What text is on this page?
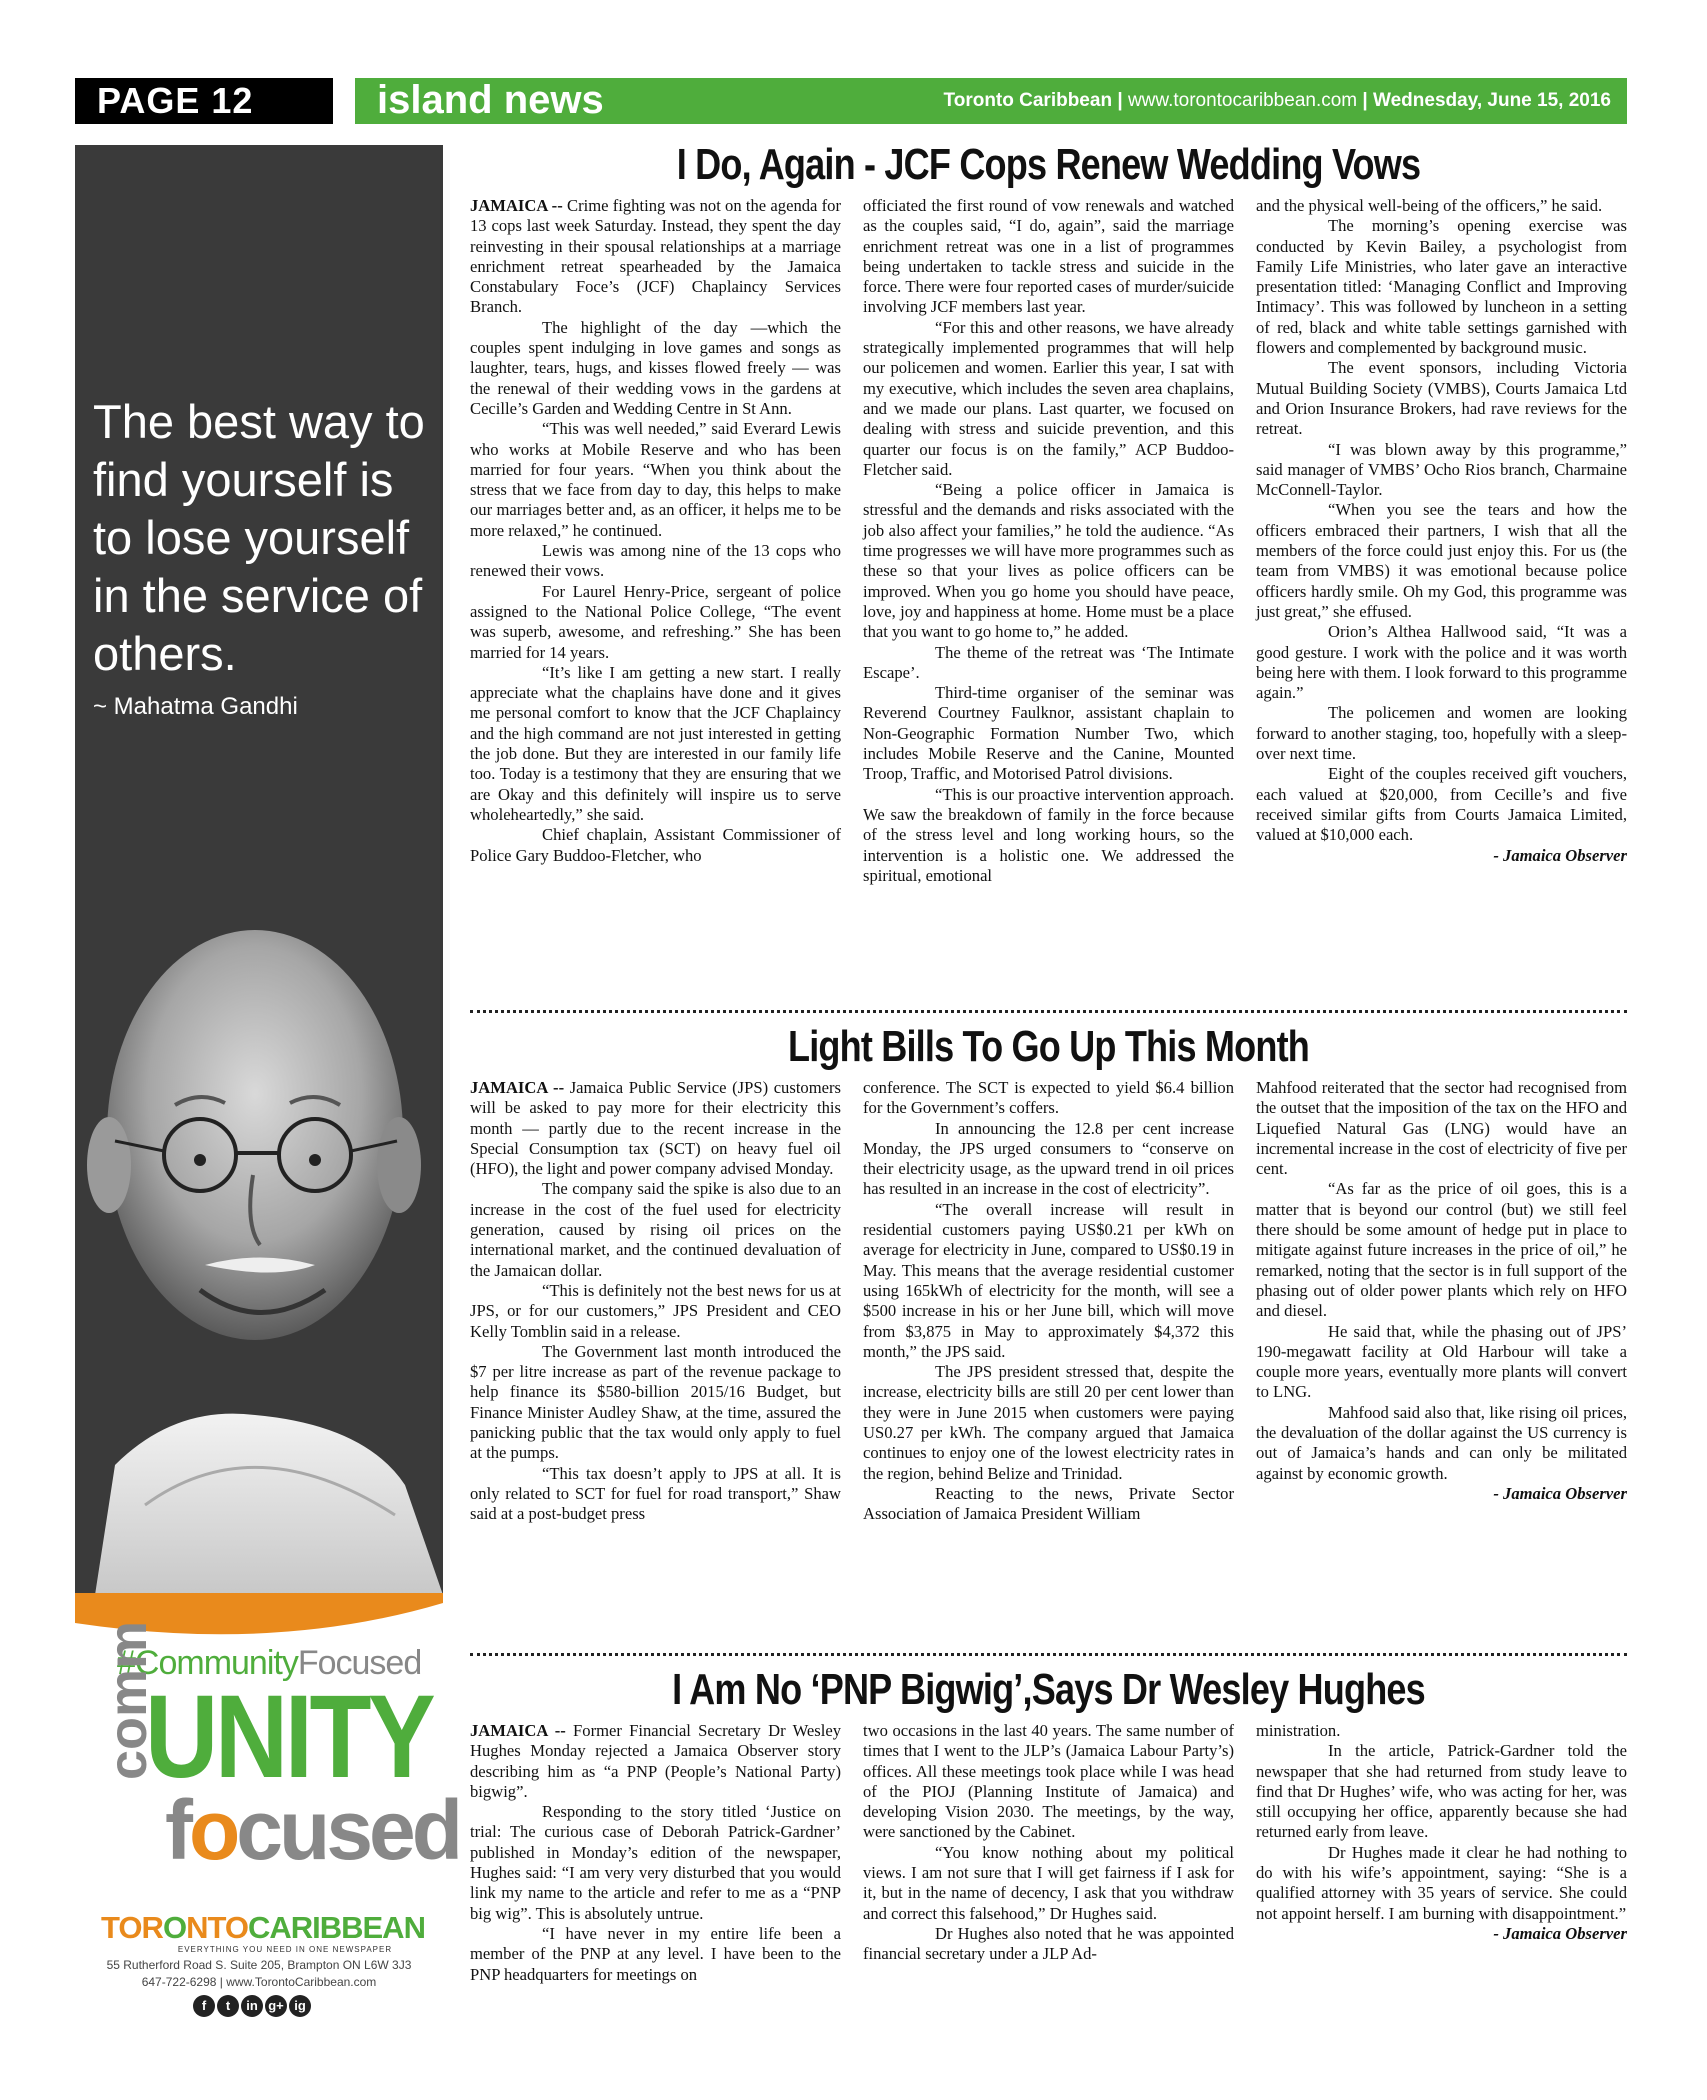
PAGE 12	island news	Toronto Caribbean | www.torontocaribbean.com | Wednesday, June 15, 2016
The best way to find yourself is to lose yourself in the service of others.
~ Mahatma Gandhi
#CommunityFocused
comm
UNITY
focused
TORONTOCARIBBEAN
EVERYTHING YOU NEED IN ONE NEWSPAPER
55 Rutherford Road S. Suite 205, Brampton ON L6W 3J3
647-722-6298 | www.TorontoCaribbean.com
f	t	in g+ ig
I Do, Again - JCF Cops Renew Wedding Vows

JAMAICA -- Crime fighting was not on the agenda for 13 cops last week Saturday. Instead, they spent the day reinvesting in their spousal relationships at a marriage enrichment retreat spearheaded by the Jamaica Constabulary Foce’s (JCF) Chaplaincy Services Branch.

The highlight of the day —which the couples spent indulging in love games and songs as laughter, tears, hugs, and kisses flowed freely — was the renewal of their wedding vows in the gardens at Cecille’s Garden and Wedding Centre in St Ann.

“This was well needed,” said Everard Lewis who works at Mobile Reserve and who has been married for four years. “When you think about the stress that we face from day to day, this helps to make our marriages better and, as an officer, it helps me to be more relaxed,” he continued.

Lewis was among nine of the 13 cops who renewed their vows.

For Laurel Henry-Price, sergeant of police assigned to the National Police College, “The event was superb, awesome, and refreshing.” She has been married for 14 years.

“It’s like I am getting a new start. I really appreciate what the chaplains have done and it gives me personal comfort to know that the JCF Chaplaincy and the high command are not just interested in getting the job done. But they are interested in our family life too. Today is a testimony that they are ensuring that we are Okay and this definitely will inspire us to serve wholeheartedly,” she said.

Chief chaplain, Assistant Commissioner of Police Gary Buddoo-Fletcher, who

officiated the first round of vow renewals and watched as the couples said, “I do, again”, said the marriage enrichment retreat was one in a list of programmes being undertaken to tackle stress and suicide in the force. There were four reported cases of murder/suicide involving JCF members last year.

“For this and other reasons, we have already strategically implemented programmes that will help our policemen and women. Earlier this year, I sat with my executive, which includes the seven area chaplains, and we made our plans. Last quarter, we focused on dealing with stress and suicide prevention, and this quarter our focus is on the family,” ACP Buddoo-Fletcher said.

“Being a police officer in Jamaica is stressful and the demands and risks associated with the job also affect your families,” he told the audience. “As time progresses we will have more programmes such as these so that your lives as police officers can be improved. When you go home you should have peace, love, joy and happiness at home. Home must be a place that you want to go home to,” he added.

The theme of the retreat was ‘The Intimate Escape’.

Third-time organiser of the seminar was Reverend Courtney Faulknor, assistant chaplain to Non-Geographic Formation Number Two, which includes Mobile Reserve and the Canine, Mounted Troop, Traffic, and Motorised Patrol divisions.

“This is our proactive intervention approach. We saw the breakdown of family in the force because of the stress level and long working hours, so the intervention is a holistic one. We addressed the spiritual, emotional

and the physical well-being of the officers,” he said.

The morning’s opening exercise was conducted by Kevin Bailey, a psychologist from Family Life Ministries, who later gave an interactive presentation titled: ‘Managing Conflict and Improving Intimacy’. This was followed by luncheon in a setting of red, black and white table settings garnished with flowers and complemented by background music.

The event sponsors, including Victoria Mutual Building Society (VMBS), Courts Jamaica Ltd and Orion Insurance Brokers, had rave reviews for the retreat.

“I was blown away by this programme,” said manager of VMBS’ Ocho Rios branch, Charmaine McConnell-Taylor.

“When you see the tears and how the officers embraced their partners, I wish that all the members of the force could just enjoy this. For us (the team from VMBS) it was emotional because police officers hardly smile. Oh my God, this programme was just great,” she effused.

Orion’s Althea Hallwood said, “It was a good gesture. I work with the police and it was worth being here with them. I look forward to this programme again.”

The policemen and women are looking forward to another staging, too, hopefully with a sleep-over next time.

Eight of the couples received gift vouchers, each valued at $20,000, from Cecille’s and five received similar gifts from Courts Jamaica Limited, valued at $10,000 each.

- Jamaica Observer

Light Bills To Go Up This Month

JAMAICA -- Jamaica Public Service (JPS) customers will be asked to pay more for their electricity this month — partly due to the recent increase in the Special Consumption tax (SCT) on heavy fuel oil (HFO), the light and power company advised Monday.

The company said the spike is also due to an increase in the cost of the fuel used for electricity generation, caused by rising oil prices on the international market, and the continued devaluation of the Jamaican dollar.

“This is definitely not the best news for us at JPS, or for our customers,” JPS President and CEO Kelly Tomblin said in a release.

The Government last month introduced the $7 per litre increase as part of the revenue package to help finance its $580-billion 2015/16 Budget, but Finance Minister Audley Shaw, at the time, assured the panicking public that the tax would only apply to fuel at the pumps.

“This tax doesn’t apply to JPS at all. It is only related to SCT for fuel for road transport,” Shaw said at a post-budget press

conference. The SCT is expected to yield $6.4 billion for the Government’s coffers.

In announcing the 12.8 per cent increase Monday, the JPS urged consumers to “conserve on their electricity usage, as the upward trend in oil prices has resulted in an increase in the cost of electricity”.

“The overall increase will result in residential customers paying US$0.21 per kWh on average for electricity in June, compared to US$0.19 in May. This means that the average residential customer using 165kWh of electricity for the month, will see a $500 increase in his or her June bill, which will move from $3,875 in May to approximately $4,372 this month,” the JPS said.

The JPS president stressed that, despite the increase, electricity bills are still 20 per cent lower than they were in June 2015 when customers were paying US0.27 per kWh. The company argued that Jamaica continues to enjoy one of the lowest electricity rates in the region, behind Belize and Trinidad.

Reacting to the news, Private Sector Association of Jamaica President William

Mahfood reiterated that the sector had recognised from the outset that the imposition of the tax on the HFO and Liquefied Natural Gas (LNG) would have an incremental increase in the cost of electricity of five per cent.

“As far as the price of oil goes, this is a matter that is beyond our control (but) we still feel there should be some amount of hedge put in place to mitigate against future increases in the price of oil,” he remarked, noting that the sector is in full support of the phasing out of older power plants which rely on HFO and diesel.

He said that, while the phasing out of JPS’ 190-megawatt facility at Old Harbour will take a couple more years, eventually more plants will convert to LNG.

Mahfood said also that, like rising oil prices, the devaluation of the dollar against the US currency is out of Jamaica’s hands and can only be militated against by economic growth.

- Jamaica Observer

I Am No ‘PNP Bigwig’,Says Dr Wesley Hughes

JAMAICA -- Former Financial Secretary Dr Wesley Hughes Monday rejected a Jamaica Observer story describing him as “a PNP (People’s National Party) bigwig”.

Responding to the story titled ‘Justice on trial: The curious case of Deborah Patrick-Gardner’ published in Monday’s edition of the newspaper, Hughes said: “I am very very disturbed that you would link my name to the article and refer to me as a “PNP big wig”. This is absolutely untrue.

“I have never in my entire life been a member of the PNP at any level. I have been to the PNP headquarters for meetings on

two occasions in the last 40 years. The same number of times that I went to the JLP’s (Jamaica Labour Party’s) offices. All these meetings took place while I was head of the PIOJ (Planning Institute of Jamaica) and developing Vision 2030. The meetings, by the way, were sanctioned by the Cabinet.

“You know nothing about my political views. I am not sure that I will get fairness if I ask for it, but in the name of decency, I ask that you withdraw and correct this falsehood,” Dr Hughes said.

Dr Hughes also noted that he was appointed financial secretary under a JLP Ad-

ministration.

In the article, Patrick-Gardner told the newspaper that she had returned from study leave to find that Dr Hughes’ wife, who was acting for her, was still occupying her office, apparently because she had returned early from leave.

Dr Hughes made it clear he had nothing to do with his wife’s appointment, saying: “She is a qualified attorney with 35 years of service. She could not appoint herself. I am burning with disappointment.”

- Jamaica Observer
